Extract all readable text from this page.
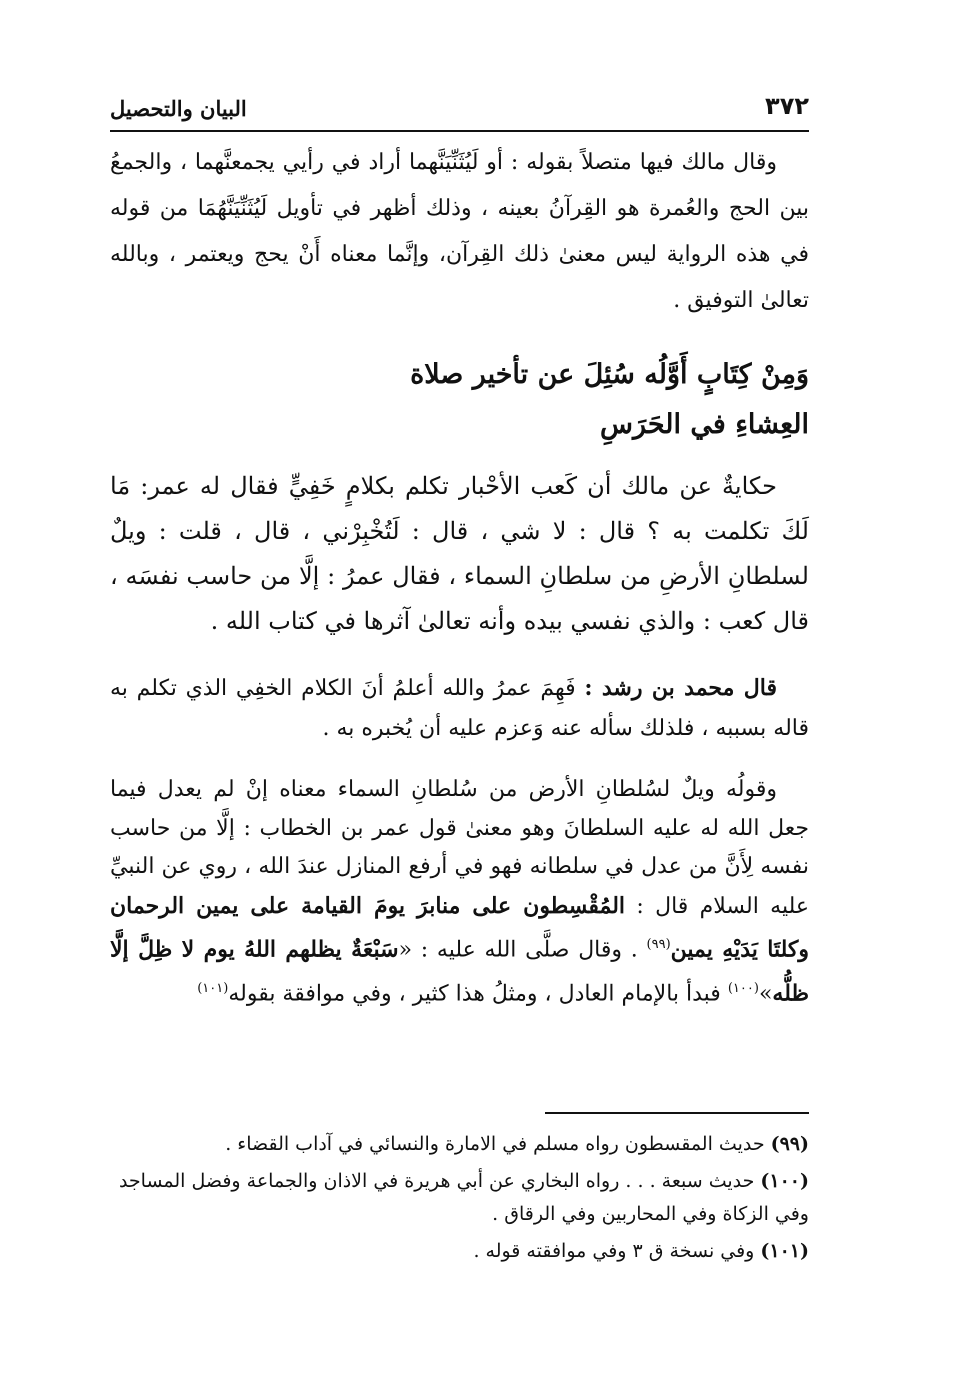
٣٧٢
البيان والتحصيل

وقال مالك فيها متصلاً بقوله : أو لَيُثَنِّيَنَّهما أراد في رأيي يجمعنَّهما ، والجمعُ بين الحج والعُمرة هو القِرآنُ بعينه ، وذلك أظهر في تأويل لَيُثَنِّيَنَّهُمَا من قوله في هذه الرواية ليس معنىٰ ذلك القِرآن، وإنَّما معناه أَنْ يحج ويعتمر ، وبالله تعالىٰ التوفيق .

وَمِنْ كِتَابٍ أَوَّلُه سُئِلَ عن تأخير صلاة
العِشاءِ في الحَرَسِ

حكايةٌ عن مالك أن كَعب الأحْبار تكلم بكلامٍ خَفِيٍّ فقال له عمر: مَا لَكَ تكلمت به ؟ قال : لا شي ، قال : لَتُخْبِرْني ، قال ، قلت : ويلٌ لسلطانِ الأرضِ من سلطانِ السماء ، فقال عمرُ : إلَّا من حاسب نفسَه ، قال كعب : والذي نفسي بيده وأنه تعالىٰ آثرها في كتاب الله .

قال محمد بن رشد : فَهِمَ عمرُ والله أعلمُ أنَ الكلام الخفِي الذي تكلم به قاله بسببه ، فلذلك سأله عنه وَعزم عليه أن يُخبره به .

وقولُه ويلٌ لسُلطانِ الأرض من سُلطانِ السماء معناه إنْ لم يعدل فيما جعل الله له عليه السلطانَ وهو معنىٰ قول عمر بن الخطاب : إلَّا من حاسب نفسه لِأَنَّ من عدل في سلطانه فهو في أرفع المنازل عندَ الله ، روي عن النبيِّ عليه السلام قال : المُقْسِطون على منابرَ يومَ القيامة على يمين الرحمان وكلتَا يَدَيْهِ يمين$^{(٩٩)}$ . وقال صلَّى الله عليه : «سَبْعَةٌ يظلهم اللهُ يوم لا ظِلَّ إلَّا ظلُّه»$^{(١٠٠)}$ فبدأ بالإمام العادل ، ومثلُ هذا كثير ، وفي موافقة بقوله$^{(١٠١)}$

(٩٩)حديث المقسطون رواه مسلم في الامارة والنسائي في آداب القضاء .

(١٠٠)حديث سبعة . . . رواه البخاري عن أبي هريرة في الاذان والجماعة وفضل المساجد وفي الزكاة وفي المحاربين وفي الرقاق .

(١٠١)وفي نسخة ق ٣ وفي موافقته قوله .
